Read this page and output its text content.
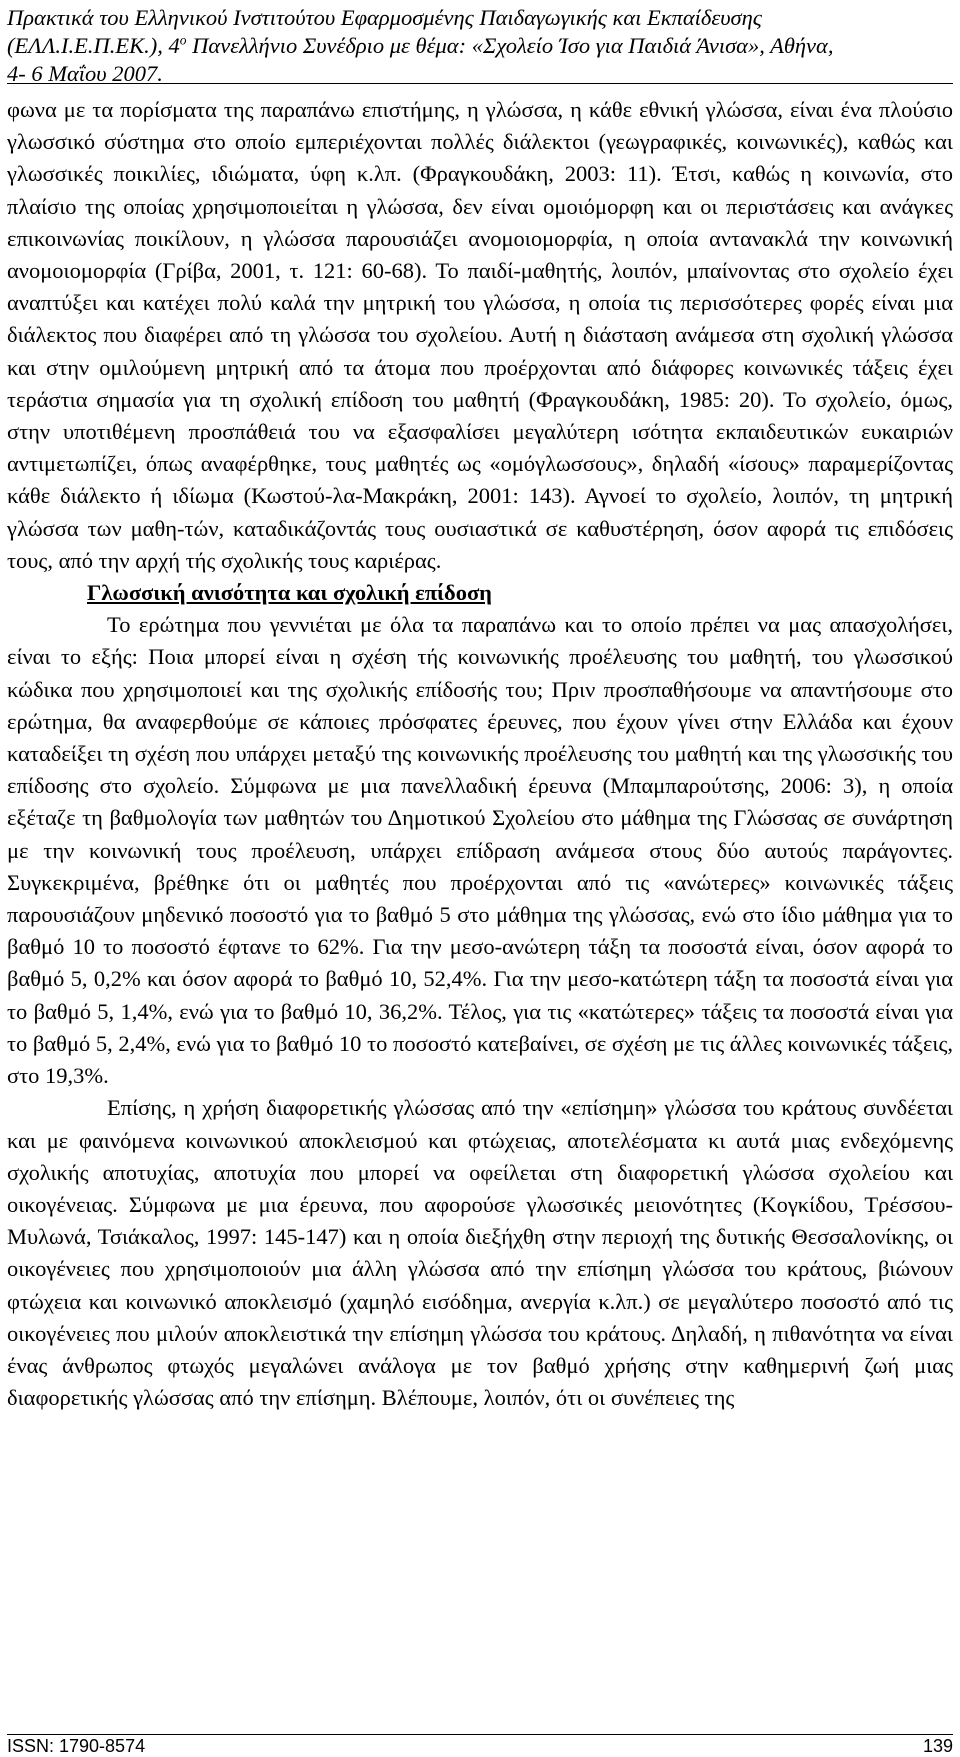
Πρακτικά του Ελληνικού Ινστιτούτου Εφαρμοσμένης Παιδαγωγικής και Εκπαίδευσης
(ΕΛΛ.Ι.Ε.Π.ΕΚ.), $4^o$ Πανελλήνιο Συνέδριο με θέμα: «Σχολείο Ίσο για Παιδιά Άνισα», Αθήνα,
4- 6 Μαΐου 2007.

φωνα με τα πορίσματα της παραπάνω επιστήμης, η γλώσσα, η κάθε εθνική γλώσσα, είναι ένα πλούσιο γλωσσικό σύστημα στο οποίο εμπεριέχονται πολλές διάλεκτοι (γεωγραφικές, κοινωνικές), καθώς και γλωσσικές ποικιλίες, ιδιώματα, ύφη κ.λπ. (Φραγκουδάκη, 2003: 11). Έτσι, καθώς η κοινωνία, στο πλαίσιο της οποίας χρησιμοποιείται η γλώσσα, δεν είναι ομοιόμορφη και οι περιστάσεις και ανάγκες επικοινωνίας ποικίλουν, η γλώσσα παρουσιάζει ανομοιομορφία, η οποία αντανακλά την κοινωνική ανομοιομορφία (Γρίβα, 2001, τ. 121: 60-68). Το παιδί-μαθητής, λοιπόν, μπαίνοντας στο σχολείο έχει αναπτύξει και κατέχει πολύ καλά την μητρική του γλώσσα, η οποία τις περισσότερες φορές είναι μια διάλεκτος που διαφέρει από τη γλώσσα του σχολείου. Αυτή η διάσταση ανάμεσα στη σχολική γλώσσα και στην ομιλούμενη μητρική από τα άτομα που προέρχονται από διάφορες κοινωνικές τάξεις έχει τεράστια σημασία για τη σχολική επίδοση του μαθητή (Φραγκουδάκη, 1985: 20). Το σχολείο, όμως, στην υποτιθέμενη προσπάθειά του να εξασφαλίσει μεγαλύτερη ισότητα εκπαιδευτικών ευκαιριών αντιμετωπίζει, όπως αναφέρθηκε, τους μαθητές ως «ομόγλωσσους», δηλαδή «ίσους» παραμερίζοντας κάθε διάλεκτο ή ιδίωμα (Κωστού-λα-Μακράκη, 2001: 143). Αγνοεί το σχολείο, λοιπόν, τη μητρική γλώσσα των μαθη-τών, καταδικάζοντάς τους ουσιαστικά σε καθυστέρηση, όσον αφορά τις επιδόσεις τους, από την αρχή τής σχολικής τους καριέρας.

Γλωσσική ανισότητα και σχολική επίδοση

Το ερώτημα που γεννιέται με όλα τα παραπάνω και το οποίο πρέπει να μας απασχολήσει, είναι το εξής: Ποια μπορεί είναι η σχέση τής κοινωνικής προέλευσης του μαθητή, του γλωσσικού κώδικα που χρησιμοποιεί και της σχολικής επίδοσής του; Πριν προσπαθήσουμε να απαντήσουμε στο ερώτημα, θα αναφερθούμε σε κάποιες πρόσφατες έρευνες, που έχουν γίνει στην Ελλάδα και έχουν καταδείξει τη σχέση που υπάρχει μεταξύ της κοινωνικής προέλευσης του μαθητή και της γλωσσικής του επίδοσης στο σχολείο. Σύμφωνα με μια πανελλαδική έρευνα (Μπαμπαρούτσης, 2006: 3), η οποία εξέταζε τη βαθμολογία των μαθητών του Δημοτικού Σχολείου στο μάθημα της Γλώσσας σε συνάρτηση με την κοινωνική τους προέλευση, υπάρχει επίδραση ανάμεσα στους δύο αυτούς παράγοντες. Συγκεκριμένα, βρέθηκε ότι οι μαθητές που προέρχονται από τις «ανώτερες» κοινωνικές τάξεις παρουσιάζουν μηδενικό ποσοστό για το βαθμό 5 στο μάθημα της γλώσσας, ενώ στο ίδιο μάθημα για το βαθμό 10 το ποσοστό έφτανε το 62%. Για την μεσο-ανώτερη τάξη τα ποσοστά είναι, όσον αφορά το βαθμό 5, 0,2% και όσον αφορά το βαθμό 10, 52,4%. Για την μεσο-κατώτερη τάξη τα ποσοστά είναι για το βαθμό 5, 1,4%, ενώ για το βαθμό 10, 36,2%. Τέλος, για τις «κατώτερες» τάξεις τα ποσοστά είναι για το βαθμό 5, 2,4%, ενώ για το βαθμό 10 το ποσοστό κατεβαίνει, σε σχέση με τις άλλες κοινωνικές τάξεις, στο 19,3%.

Επίσης, η χρήση διαφορετικής γλώσσας από την «επίσημη» γλώσσα του κράτους συνδέεται και με φαινόμενα κοινωνικού αποκλεισμού και φτώχειας, αποτελέσματα κι αυτά μιας ενδεχόμενης σχολικής αποτυχίας, αποτυχία που μπορεί να οφείλεται στη διαφορετική γλώσσα σχολείου και οικογένειας. Σύμφωνα με μια έρευνα, που αφορούσε γλωσσικές μειονότητες (Κογκίδου, Τρέσσου-Μυλωνά, Τσιάκαλος, 1997: 145-147) και η οποία διεξήχθη στην περιοχή της δυτικής Θεσσαλονίκης, οι οικογένειες που χρησιμοποιούν μια άλλη γλώσσα από την επίσημη γλώσσα του κράτους, βιώνουν φτώχεια και κοινωνικό αποκλεισμό (χαμηλό εισόδημα, ανεργία κ.λπ.) σε μεγαλύτερο ποσοστό από τις οικογένειες που μιλούν αποκλειστικά την επίσημη γλώσσα του κράτους. Δηλαδή, η πιθανότητα να είναι ένας άνθρωπος φτωχός μεγαλώνει ανάλογα με τον βαθμό χρήσης στην καθημερινή ζωή μιας διαφορετικής γλώσσας από την επίσημη. Βλέπουμε, λοιπόν, ότι οι συνέπειες της

ISSN: 1790-8574	139
